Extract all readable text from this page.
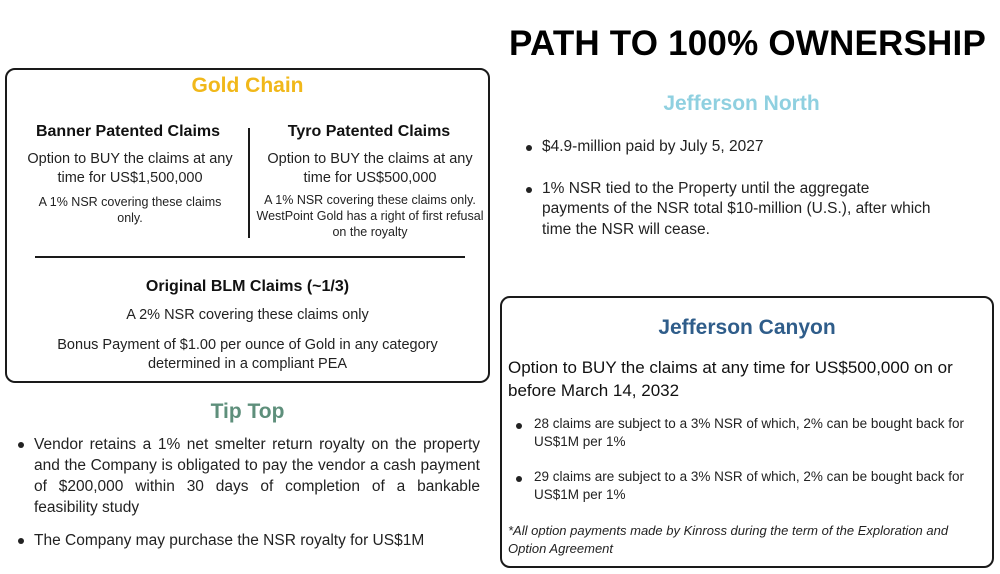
PATH TO 100% OWNERSHIP
Gold Chain
Banner Patented Claims
Option to BUY the claims at any time for US$1,500,000
A 1% NSR covering these claims only.
Tyro Patented Claims
Option to BUY the claims at any time for US$500,000
A 1% NSR covering these claims only. WestPoint Gold has a right of first refusal on the royalty
Original BLM Claims (~1/3)
A 2% NSR covering these claims only
Bonus Payment of $1.00 per ounce of Gold in any category determined in a compliant PEA
Tip Top
Vendor retains a 1% net smelter return royalty on the property and the Company is obligated to pay the vendor a cash payment of $200,000 within 30 days of completion of a bankable feasibility study
The Company may purchase the NSR royalty for US$1M
Jefferson North
$4.9-million paid by July 5, 2027
1% NSR tied to the Property until the aggregate payments of the NSR total $10-million (U.S.), after which time the NSR will cease.
Jefferson Canyon
Option to BUY the claims at any time for US$500,000 on or before March 14, 2032
28 claims are subject to a 3% NSR of which, 2% can be bought back for US$1M per 1%
29 claims are subject to a 3% NSR of which, 2% can be bought back for US$1M per 1%
*All option payments made by Kinross during the term of the Exploration and Option Agreement
